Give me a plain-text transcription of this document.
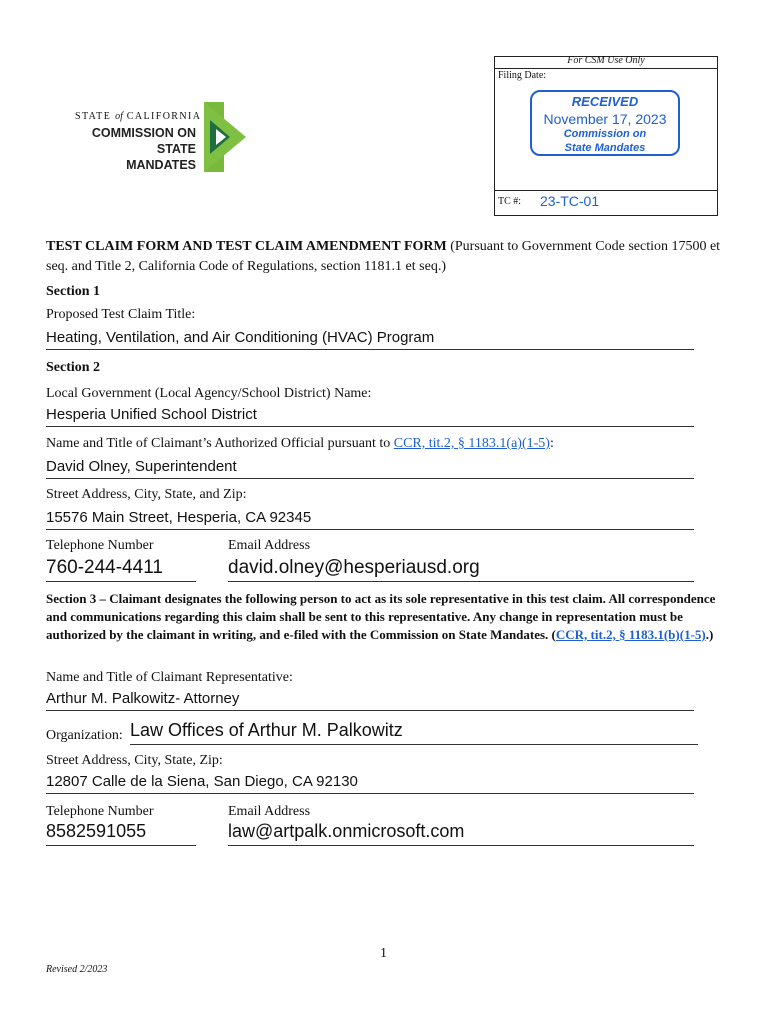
For CSM Use Only
Filing Date:
RECEIVED
November 17, 2023
Commission on
State Mandates
TC #: 23-TC-01
STATE of CALIFORNIA
COMMISSION ON STATE
MANDATES
TEST CLAIM FORM AND TEST CLAIM AMENDMENT FORM (Pursuant to Government Code section 17500 et seq. and Title 2, California Code of Regulations, section 1181.1 et seq.)
Section 1
Proposed Test Claim Title:
Heating, Ventilation, and Air Conditioning (HVAC) Program
Section 2
Local Government (Local Agency/School District) Name:
Hesperia Unified School District
Name and Title of Claimant’s Authorized Official pursuant to CCR, tit.2, § 1183.1(a)(1-5):
David Olney, Superintendent
Street Address, City, State, and Zip:
15576 Main Street, Hesperia, CA 92345
Telephone Number	Email Address
760-244-4411	david.olney@hesperiausd.org
Section 3 – Claimant designates the following person to act as its sole representative in this test claim. All correspondence and communications regarding this claim shall be sent to this representative. Any change in representation must be authorized by the claimant in writing, and e-filed with the Commission on State Mandates. (CCR, tit.2, § 1183.1(b)(1-5).)
Name and Title of Claimant Representative:
Arthur M. Palkowitz- Attorney
Organization: Law Offices of Arthur M. Palkowitz
Street Address, City, State, Zip:
12807 Calle de la Siena, San Diego, CA 92130
Telephone Number	Email Address
8582591055	law@artpalk.onmicrosoft.com
1
Revised 2/2023
